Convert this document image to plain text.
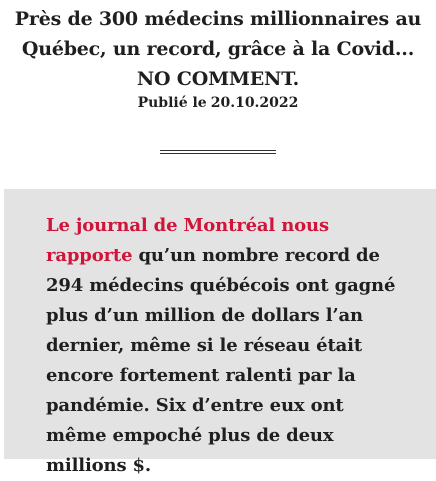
Près de 300 médecins millionnaires au Québec, un record, grâce à la Covid... NO COMMENT.
Publié le 20.10.2022

Le journal de Montréal nous rapporte qu’un nombre record de 294 médecins québécois ont gagné plus d’un million de dollars l’an dernier, même si le réseau était encore fortement ralenti par la pandémie. Six d’entre eux ont même empoché plus de deux millions $.
